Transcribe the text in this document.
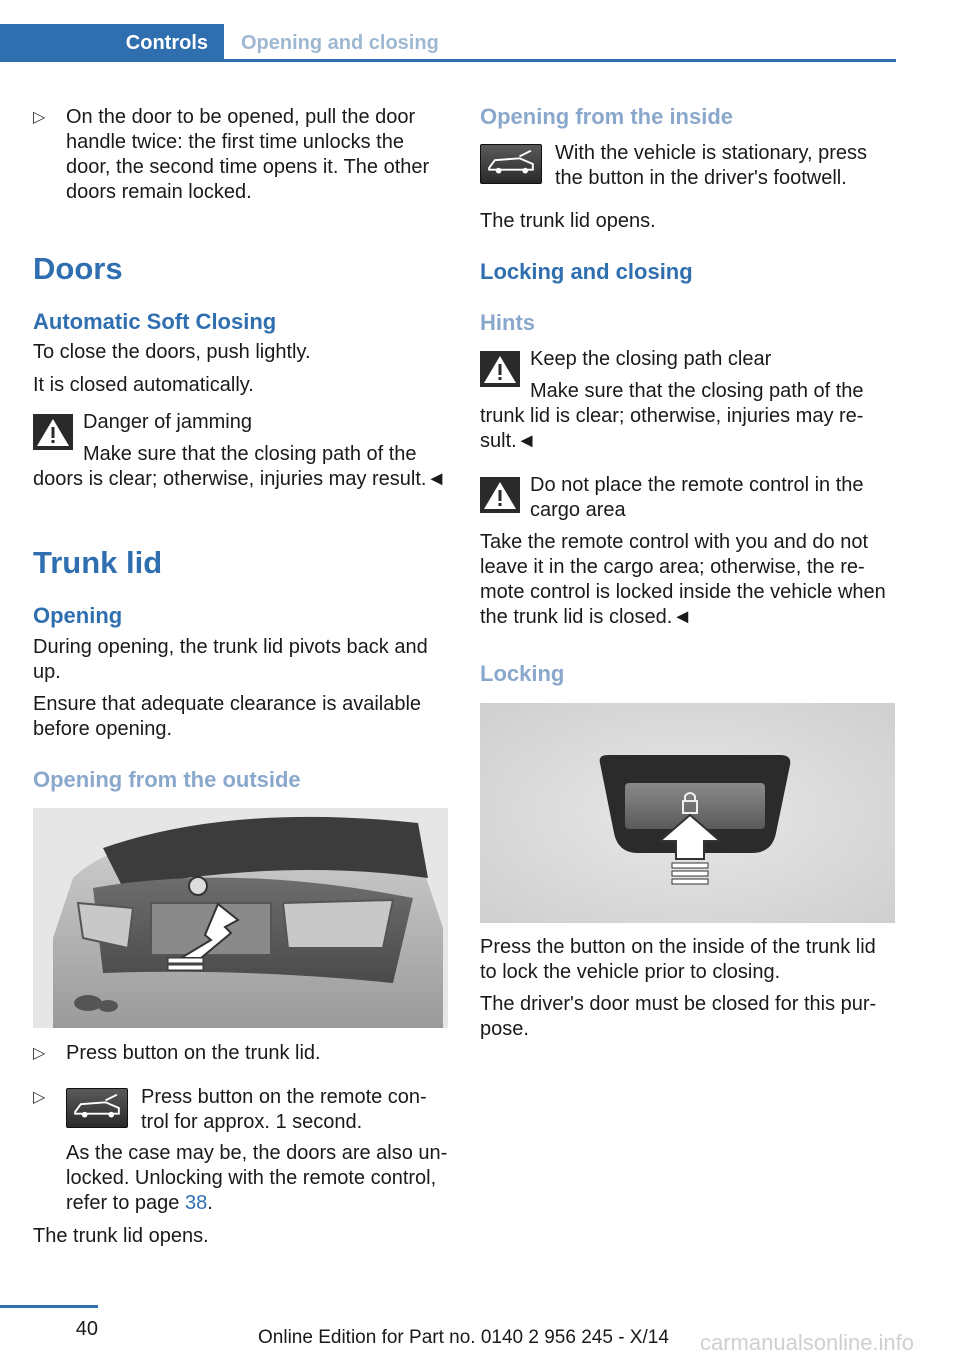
Controls	Opening and closing
▷ On the door to be opened, pull the door
handle twice: the first time unlocks the
door, the second time opens it. The other
doors remain locked.
Doors
Automatic Soft Closing
To close the doors, push lightly.
It is closed automatically.
Danger of jamming
Make sure that the closing path of the
doors is clear; otherwise, injuries may result.◄
Trunk lid
Opening
During opening, the trunk lid pivots back and
up.
Ensure that adequate clearance is available
before opening.
Opening from the outside
▷ Press button on the trunk lid.
▷	Press button on the remote con-
trol for approx. 1 second.
As the case may be, the doors are also un-
locked. Unlocking with the remote control,
refer to page 38.
The trunk lid opens.
Opening from the inside
With the vehicle is stationary, press
the button in the driver's footwell.
The trunk lid opens.
Locking and closing
Hints
Keep the closing path clear
Make sure that the closing path of the
trunk lid is clear; otherwise, injuries may re-
sult.◄
Do not place the remote control in the
cargo area
Take the remote control with you and do not
leave it in the cargo area; otherwise, the re-
mote control is locked inside the vehicle when
the trunk lid is closed.◄
Locking
Press the button on the inside of the trunk lid
to lock the vehicle prior to closing.
The driver's door must be closed for this pur-
pose.
40	Online Edition for Part no. 0140 2 956 245 - X/14 carmanualsonline.info
